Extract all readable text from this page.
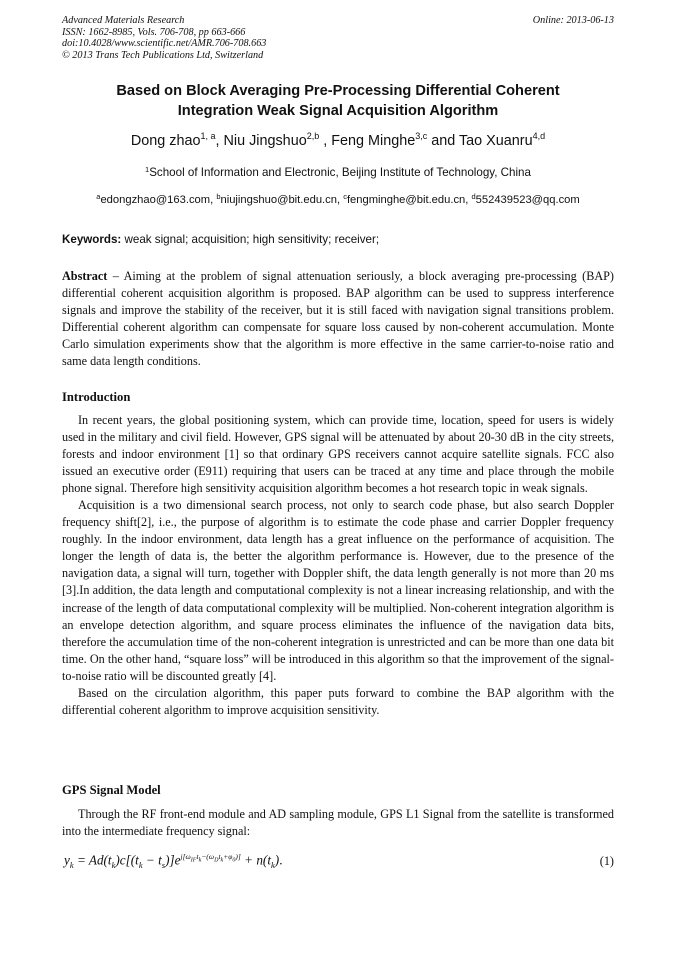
Advanced Materials Research
ISSN: 1662-8985, Vols. 706-708, pp 663-666
doi:10.4028/www.scientific.net/AMR.706-708.663
© 2013 Trans Tech Publications Ltd, Switzerland
Online: 2013-06-13
Based on Block Averaging Pre-Processing Differential Coherent
Integration Weak Signal Acquisition Algorithm
Dong zhao$^{1, a}$, Niu Jingshuo$^{2,b}$ , Feng Minghe$^{3,c}$ and Tao Xuanru$^{4,d}$
$^1$School of Information and Electronic, Beijing Institute of Technology, China
$^a$edongzhao@163.com, $^b$niujingshuo@bit.edu.cn, $^c$fengminghe@bit.edu.cn, $^d$552439523@qq.com
Keywords: weak signal; acquisition; high sensitivity; receiver;

Abstract – Aiming at the problem of signal attenuation seriously, a block averaging pre-processing (BAP) differential coherent acquisition algorithm is proposed. BAP algorithm can be used to suppress interference signals and improve the stability of the receiver, but it is still faced with navigation signal transitions problem. Differential coherent algorithm can compensate for square loss caused by non-coherent accumulation. Monte Carlo simulation experiments show that the algorithm is more effective in the same carrier-to-noise ratio and same data length conditions.

Introduction

In recent years, the global positioning system, which can provide time, location, speed for users is widely used in the military and civil field. However, GPS signal will be attenuated by about 20-30 dB in the city streets, forests and indoor environment [1] so that ordinary GPS receivers cannot acquire satellite signals. FCC also issued an executive order (E911) requiring that users can be traced at any time and place through the mobile phone signal. Therefore high sensitivity acquisition algorithm becomes a hot research topic in weak signals.

Acquisition is a two dimensional search process, not only to search code phase, but also search Doppler frequency shift[2], i.e., the purpose of algorithm is to estimate the code phase and carrier Doppler frequency roughly. In the indoor environment, data length has a great influence on the performance of acquisition. The longer the length of data is, the better the algorithm performance is. However, due to the presence of the navigation data, a signal will turn, together with Doppler shift, the data length generally is not more than 20 ms [3].In addition, the data length and computational complexity is not a linear increasing relationship, and with the increase of the length of data computational complexity will be multiplied. Non-coherent integration algorithm is an envelope detection algorithm, and square process eliminates the influence of the navigation data bits, therefore the accumulation time of the non-coherent integration is unrestricted and can be more than one data bit time. On the other hand, “square loss” will be introduced in this algorithm so that the improvement of the signal-to-noise ratio will be discounted greatly [4].

Based on the circulation algorithm, this paper puts forward to combine the BAP algorithm with the differential coherent algorithm to improve acquisition sensitivity.

GPS Signal Model

Through the RF front-end module and AD sampling module, GPS L1 Signal from the satellite is transformed into the intermediate frequency signal:

$y_k = Ad(t_k)c[(t_k - t_s)]e^{j[\omega_{IF}t_k-(\omega_Dt_k+\varphi_0)]} + n(t_k)$.	(1)
